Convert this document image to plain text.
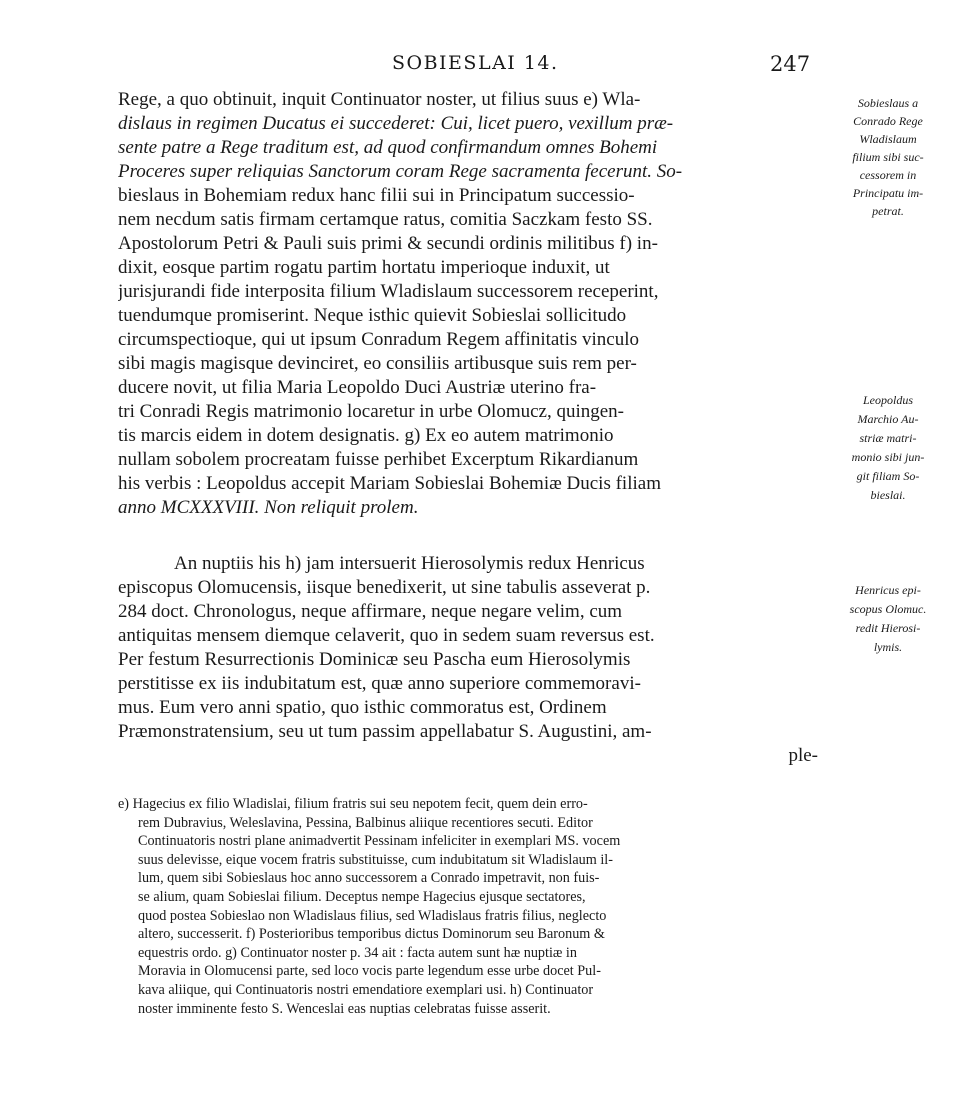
SOBIESLAI 14.	247
Rege, a quo obtinuit, inquit Continuator noster, ut filius suus e) Wla-
dislaus in regimen Ducatus ei succederet: Cui, licet puero, vexillum præ-
sente patre a Rege traditum est, ad quod confirmandum omnes Bohemi
Proceres super reliquias Sanctorum coram Rege sacramenta fecerunt. So-
bieslaus in Bohemiam redux hanc filii sui in Principatum successio-
nem necdum satis firmam certamque ratus, comitia Saczkam festo SS.
Apostolorum Petri & Pauli suis primi & secundi ordinis militibus f) in-
dixit, eosque partim rogatu partim hortatu imperioque induxit, ut
jurisjurandi fide interposita filium Wladislaum successorem receperint,
tuendumque promiserint. Neque isthic quievit Sobieslai sollicitudo
circumspectioque, qui ut ipsum Conradum Regem affinitatis vinculo
sibi magis magisque devinciret, eo consiliis artibusque suis rem per-
ducere novit, ut filia Maria Leopoldo Duci Austriæ uterino fra-
tri Conradi Regis matrimonio locaretur in urbe Olomucz, quingen-
tis marcis eidem in dotem designatis. g) Ex eo autem matrimonio
nullam sobolem procreatam fuisse perhibet Excerptum Rikardianum
his verbis : Leopoldus accepit Mariam Sobieslai Bohemiæ Ducis filiam
anno MCXXXVIII. Non reliquit prolem.
An nuptiis his h) jam intersuerit Hierosolymis redux Henricus
episcopus Olomucensis, iisque benedixerit, ut sine tabulis asseverat p.
284 doct. Chronologus, neque affirmare, neque negare velim, cum
antiquitas mensem diemque celaverit, quo in sedem suam reversus est.
Per festum Resurrectionis Dominicæ seu Pascha eum Hierosolymis
perstitisse ex iis indubitatum est, quæ anno superiore commemoravi-
mus. Eum vero anni spatio, quo isthic commoratus est, Ordinem
Præmonstratensium, seu ut tum passim appellabatur S. Augustini, am-
ple-
Sobieslaus a
Conrado Rege
Wladislaum
filium sibi suc-
cessorem in
Principatu im-
petrat.
Leopoldus
Marchio Au-
striæ matri-
monio sibi jun-
git filiam So-
bieslai.
Henricus epi-
scopus Olomuc.
redit Hierosi-
lymis.
e) Hagecius ex filio Wladislai, filium fratris sui seu nepotem fecit, quem dein erro-
rem Dubravius, Weleslavina, Pessina, Balbinus aliique recentiores secuti. Editor
Continuatoris nostri plane animadvertit Pessinam infeliciter in exemplari MS. vocem
suus delevisse, eique vocem fratris substituisse, cum indubitatum sit Wladislaum il-
lum, quem sibi Sobieslaus hoc anno successorem a Conrado impetravit, non fuis-
se alium, quam Sobieslai filium. Deceptus nempe Hagecius ejusque sectatores,
quod postea Sobieslao non Wladislaus filius, sed Wladislaus fratris filius, neglecto
altero, successerit. f) Posterioribus temporibus dictus Dominorum seu Baronum &
equestris ordo. g) Continuator noster p. 34 ait : facta autem sunt hæ nuptiæ in
Moravia in Olomucensi parte, sed loco vocis parte legendum esse urbe docet Pul-
kava aliique, qui Continuatoris nostri emendatiore exemplari usi. h) Continuator
noster imminente festo S. Wenceslai eas nuptias celebratas fuisse asserit.
